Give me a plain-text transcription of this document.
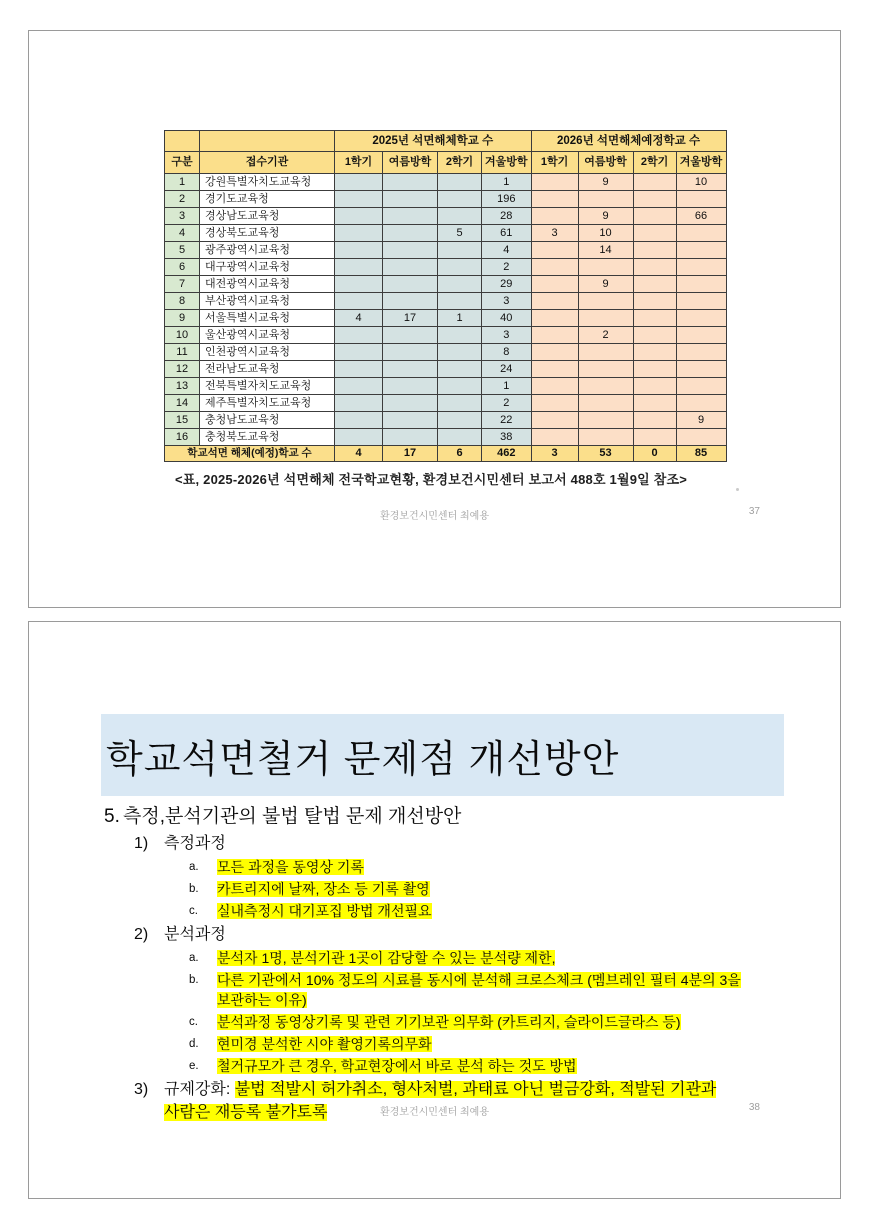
		2025년 석면해체학교 수				2026년 석면해체예정학교 수			
구분	접수기관	1학기	여름방학	2학기	겨울방학	1학기	여름방학	2학기	겨울방학
1	강원특별자치도교육청				1		9		10
2	경기도교육청				196				
3	경상남도교육청				28		9		66
4	경상북도교육청			5	61	3	10		
5	광주광역시교육청				4		14		
6	대구광역시교육청				2				
7	대전광역시교육청				29		9		
8	부산광역시교육청				3				
9	서울특별시교육청	4	17	1	40				
10	울산광역시교육청				3		2		
11	인천광역시교육청				8				
12	전라남도교육청				24				
13	전북특별자치도교육청				1				
14	제주특별자치도교육청				2				
15	충청남도교육청				22				9
16	충청북도교육청				38				
학교석면 해체(예정)학교 수		4	17	6	462	3	53	0	85
<표, 2025-2026년 석면해체 전국학교현황, 환경보건시민센터 보고서 488호 1월9일 참조>
환경보건시민센터 최예용	37
학교석면철거 문제점 개선방안
5. 측정,분석기관의 불법 탈법 문제 개선방안
1) 측정과정
a.	모든 과정을 동영상 기록
b.	카트리지에 날짜, 장소 등 기록 촬영
c.	실내측정시 대기포집 방법 개선필요
2) 분석과정
a.	분석자 1명, 분석기관 1곳이 감당할 수 있는 분석량 제한,
b.	다른 기관에서 10% 정도의 시료를 동시에 분석해 크로스체크 (멤브레인 필터 4분의 3을 보관하는 이유)
c.	분석과정 동영상기록 및 관련 기기보관 의무화 (카트리지, 슬라이드글라스 등)
d.	현미경 분석한 시야 촬영기록의무화
e.	철거규모가 큰 경우, 학교현장에서 바로 분석 하는 것도 방법
3) 규제강화: 불법 적발시 허가취소, 형사처벌, 과태료 아닌 벌금강화, 적발된 기관과 사람은 재등록 불가토록	환경보건시민센터 최예용	38
